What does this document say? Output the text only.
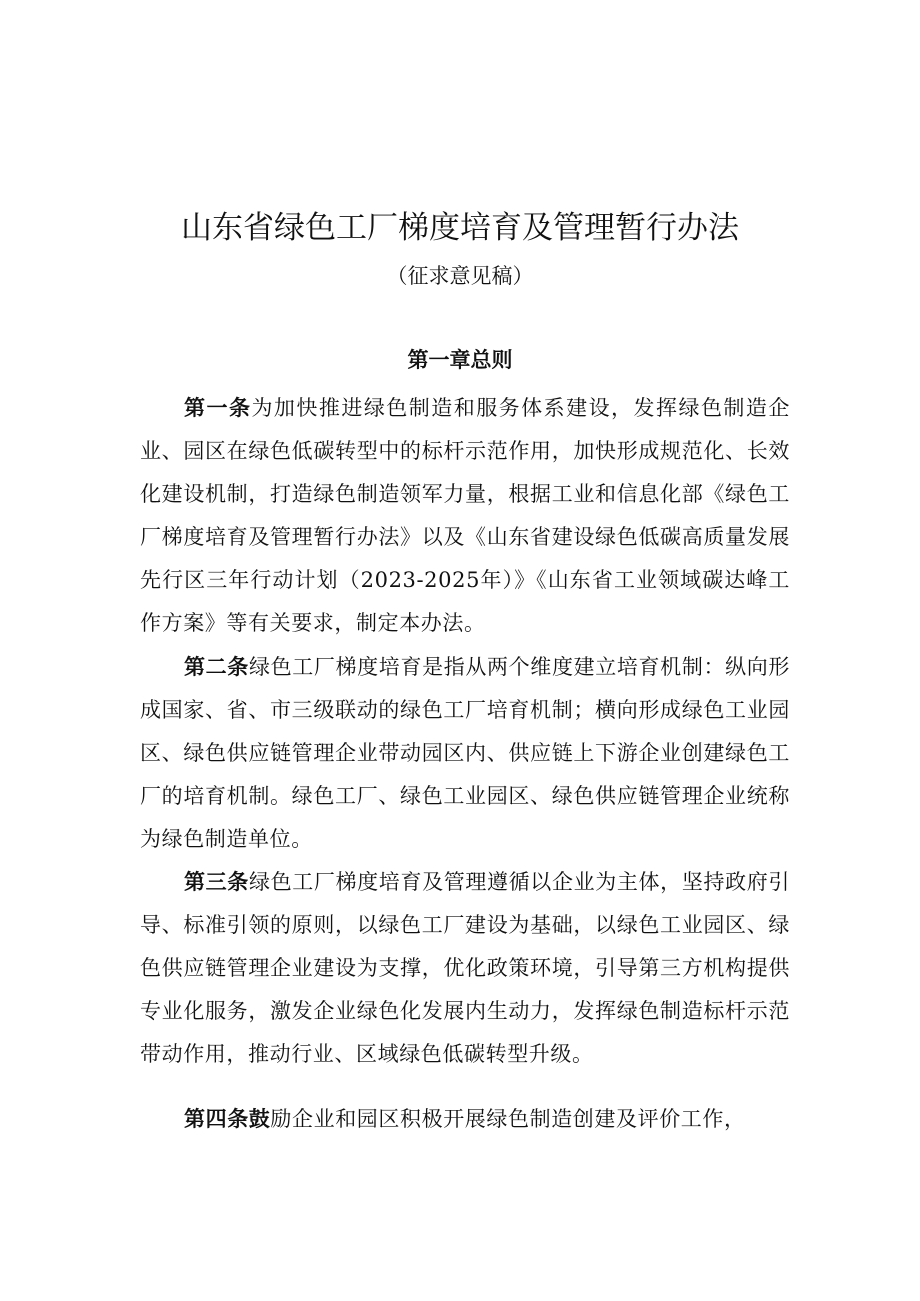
山东省绿色工厂梯度培育及管理暂行办法

（征求意见稿）

第一章总则

第一条为加快推进绿色制造和服务体系建设，发挥绿色制造企业、园区在绿色低碳转型中的标杆示范作用，加快形成规范化、长效化建设机制，打造绿色制造领军力量，根据工业和信息化部《绿色工厂梯度培育及管理暂行办法》以及《山东省建设绿色低碳高质量发展先行区三年行动计划（2023-2025年）》《山东省工业领域碳达峰工作方案》等有关要求，制定本办法。

第二条绿色工厂梯度培育是指从两个维度建立培育机制：纵向形成国家、省、市三级联动的绿色工厂培育机制；横向形成绿色工业园区、绿色供应链管理企业带动园区内、供应链上下游企业创建绿色工厂的培育机制。绿色工厂、绿色工业园区、绿色供应链管理企业统称为绿色制造单位。

第三条绿色工厂梯度培育及管理遵循以企业为主体，坚持政府引导、标准引领的原则，以绿色工厂建设为基础，以绿色工业园区、绿色供应链管理企业建设为支撑，优化政策环境，引导第三方机构提供专业化服务，激发企业绿色化发展内生动力，发挥绿色制造标杆示范带动作用，推动行业、区域绿色低碳转型升级。

第四条鼓励企业和园区积极开展绿色制造创建及评价工作，
